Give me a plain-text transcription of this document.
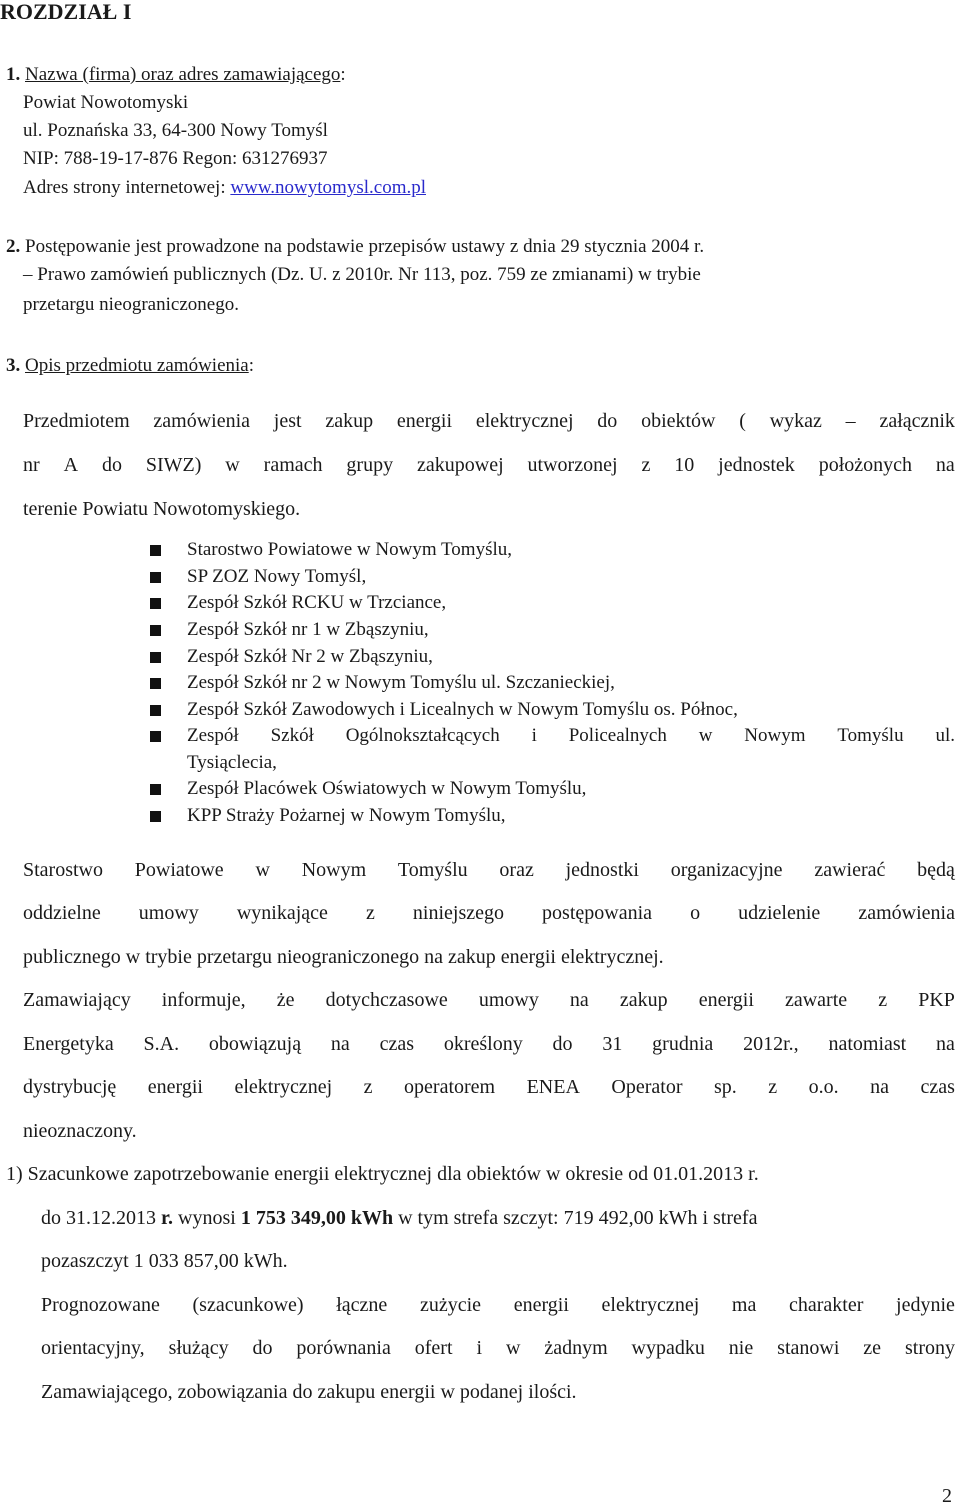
ROZDZIAŁ I
1. Nazwa (firma) oraz adres zamawiającego:
Powiat Nowotomyski
ul. Poznańska 33, 64-300 Nowy Tomyśl
NIP: 788-19-17-876 Regon: 631276937
Adres strony internetowej: www.nowytomysl.com.pl
2. Postępowanie jest prowadzone na podstawie przepisów ustawy z dnia 29 stycznia 2004 r.
– Prawo zamówień publicznych (Dz. U. z 2010r. Nr 113, poz. 759 ze zmianami) w trybie
przetargu nieograniczonego.
3. Opis przedmiotu zamówienia:
Przedmiotem zamówienia jest zakup energii elektrycznej do obiektów ( wykaz – załącznik
nr A do SIWZ) w ramach grupy zakupowej utworzonej z 10 jednostek położonych na
terenie Powiatu Nowotomyskiego.
Starostwo Powiatowe w Nowym Tomyślu,
SP ZOZ Nowy Tomyśl,
Zespół Szkół RCKU w Trzciance,
Zespół Szkół nr 1 w Zbąszyniu,
Zespół Szkół Nr 2 w Zbąszyniu,
Zespół Szkół nr 2 w Nowym Tomyślu ul. Szczanieckiej,
Zespół Szkół Zawodowych i Licealnych w Nowym Tomyślu os. Północ,
Zespół Szkół Ogólnokształcących i Policealnych w Nowym Tomyślu ul.
Tysiąclecia,
Zespół Placówek Oświatowych w Nowym Tomyślu,
KPP Straży Pożarnej w Nowym Tomyślu,
Starostwo Powiatowe w Nowym Tomyślu oraz jednostki organizacyjne zawierać będą
oddzielne umowy wynikające z niniejszego postępowania o udzielenie zamówienia
publicznego w trybie przetargu nieograniczonego na zakup energii elektrycznej.
Zamawiający informuje, że dotychczasowe umowy na zakup energii zawarte z PKP
Energetyka S.A. obowiązują na czas określony do 31 grudnia 2012r., natomiast na
dystrybucję energii elektrycznej z operatorem ENEA Operator sp. z o.o. na czas
nieoznaczony.
1) Szacunkowe zapotrzebowanie energii elektrycznej dla obiektów w okresie od 01.01.2013 r.
do 31.12.2013 r. wynosi 1 753 349,00 kWh w tym strefa szczyt: 719 492,00 kWh i strefa
pozaszczyt 1 033 857,00 kWh.
Prognozowane (szacunkowe) łączne zużycie energii elektrycznej ma charakter jedynie
orientacyjny, służący do porównania ofert i w żadnym wypadku nie stanowi ze strony
Zamawiającego, zobowiązania do zakupu energii w podanej ilości.
2
